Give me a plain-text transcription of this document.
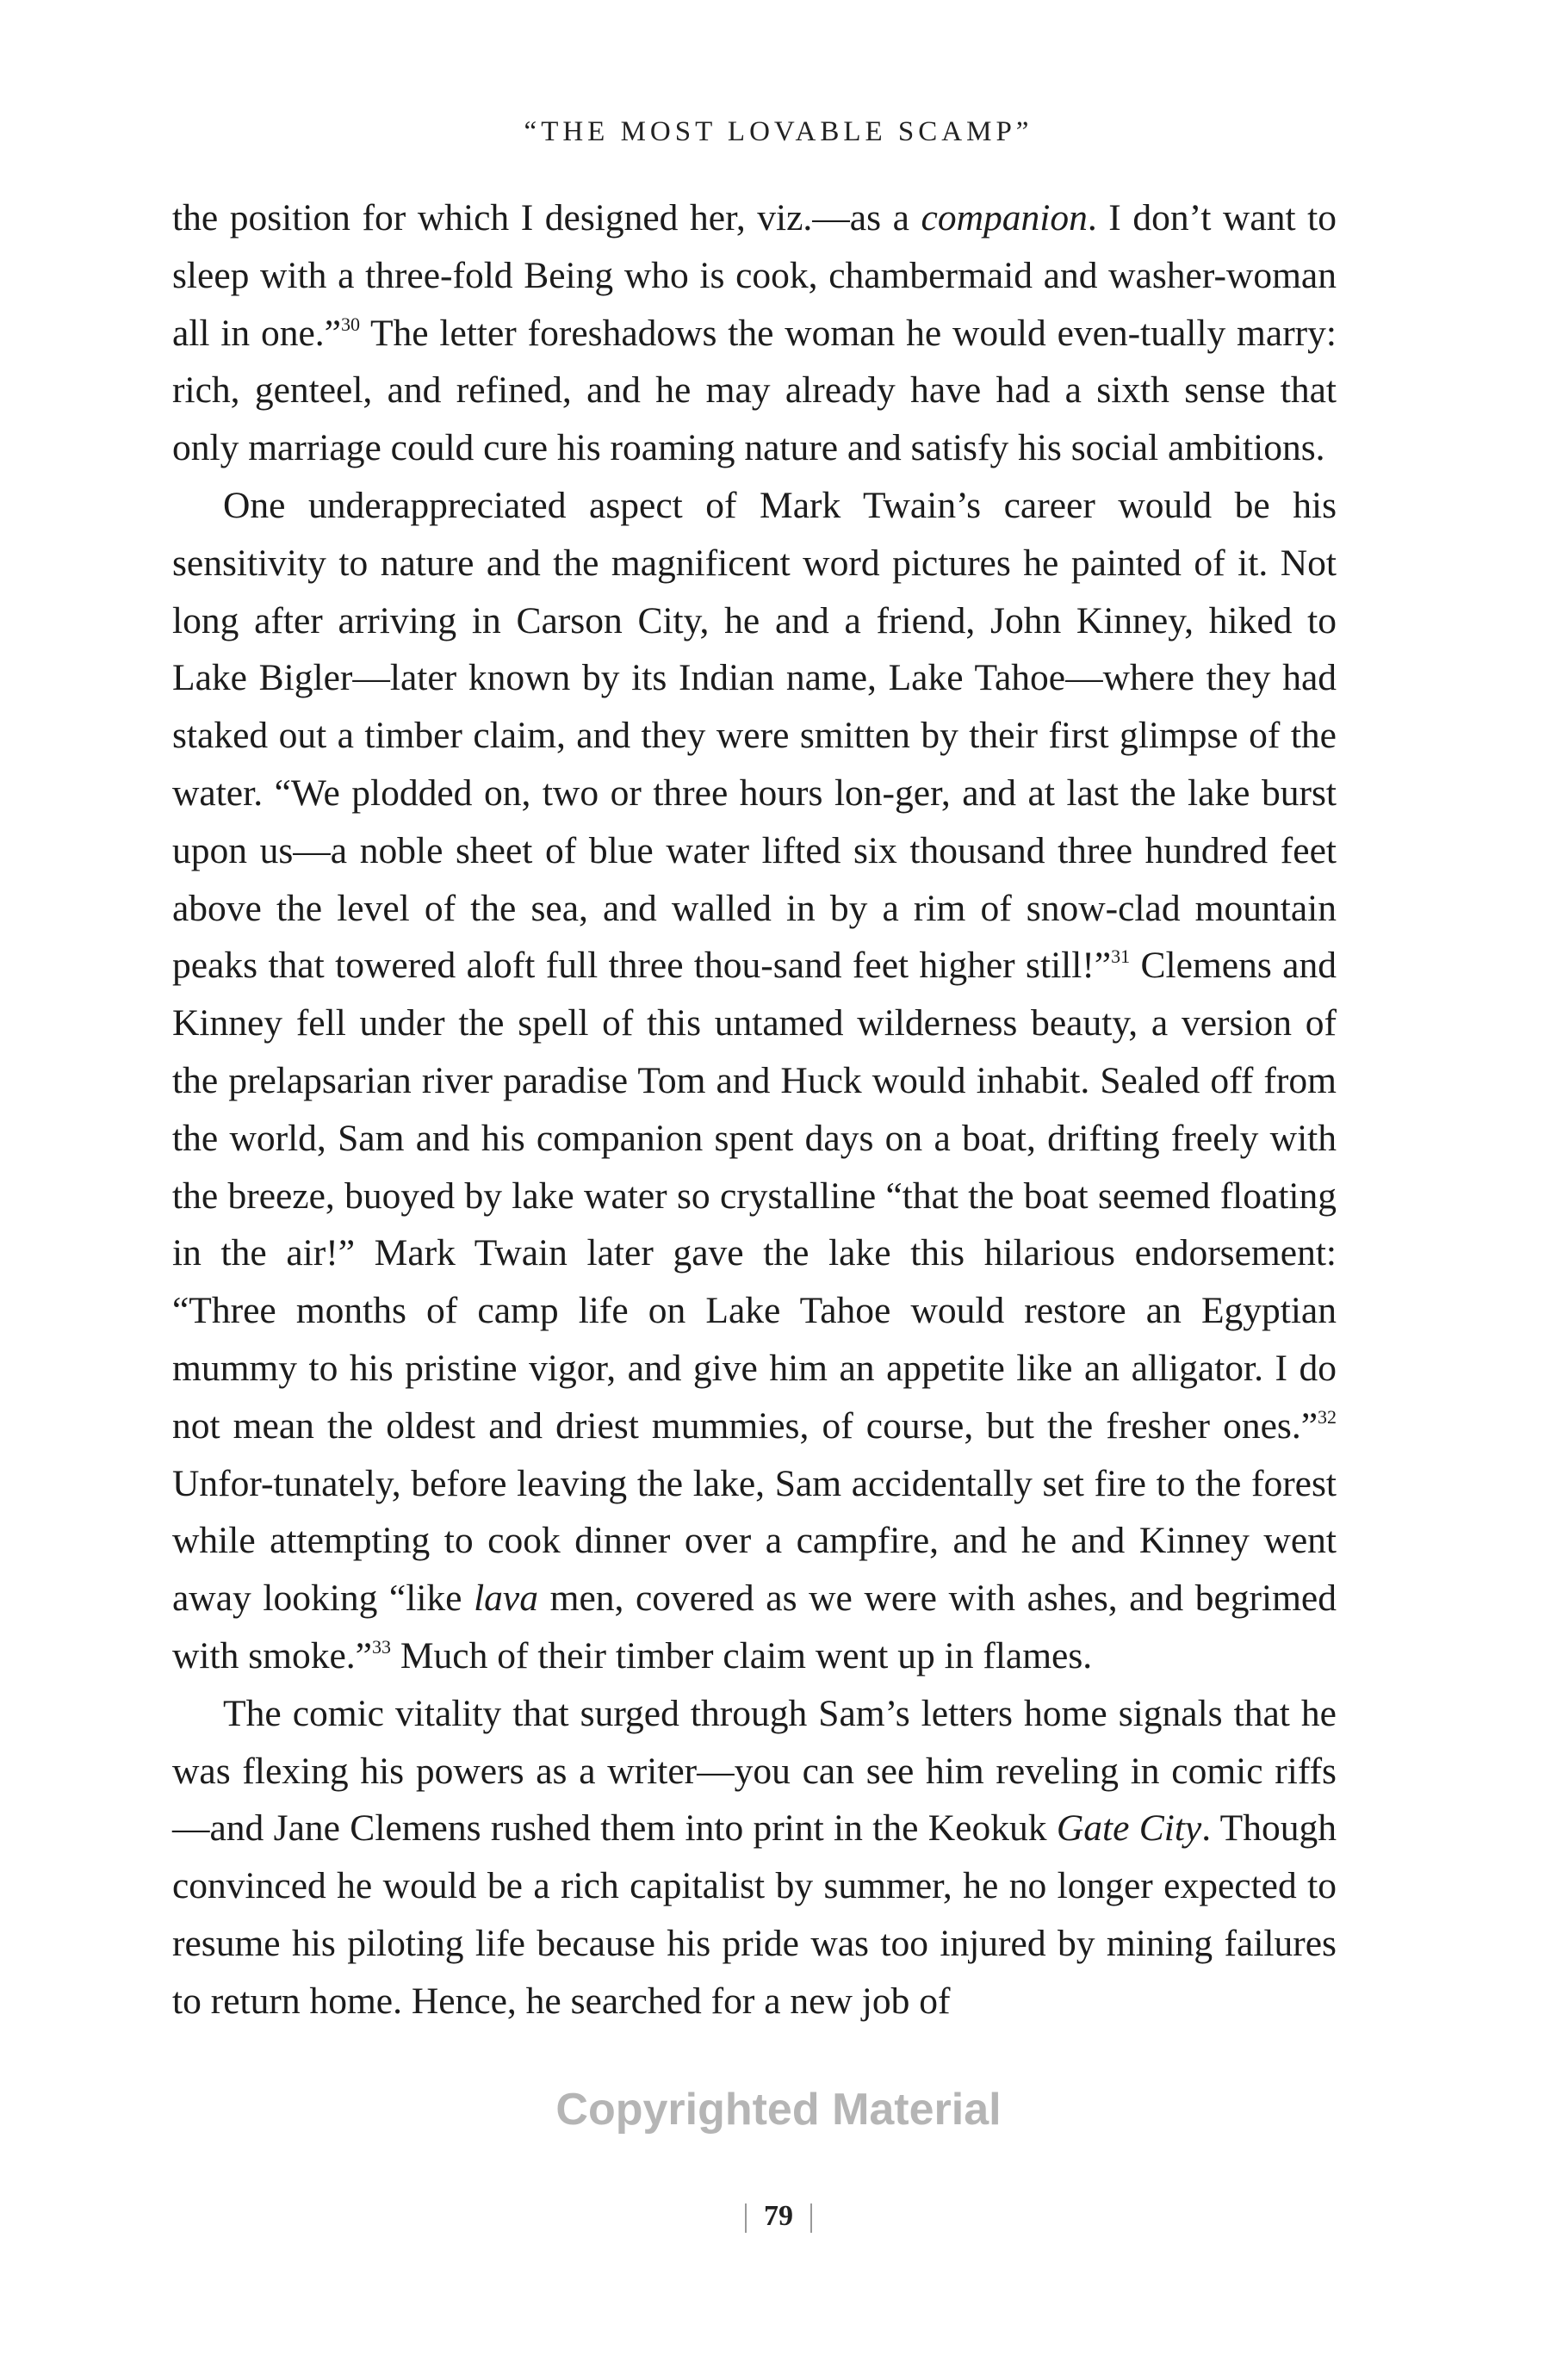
“THE MOST LOVABLE SCAMP”

the position for which I designed her, viz.—as a companion. I don’t want to sleep with a three-fold Being who is cook, chambermaid and washer-woman all in one.”$^{30}$ The letter foreshadows the woman he would even-tually marry: rich, genteel, and refined, and he may already have had a sixth sense that only marriage could cure his roaming nature and satisfy his social ambitions.

One underappreciated aspect of Mark Twain’s career would be his sensitivity to nature and the magnificent word pictures he painted of it. Not long after arriving in Carson City, he and a friend, John Kinney, hiked to Lake Bigler—later known by its Indian name, Lake Tahoe—where they had staked out a timber claim, and they were smitten by their first glimpse of the water. “We plodded on, two or three hours lon-ger, and at last the lake burst upon us—a noble sheet of blue water lifted six thousand three hundred feet above the level of the sea, and walled in by a rim of snow-clad mountain peaks that towered aloft full three thou-sand feet higher still!”$^{31}$ Clemens and Kinney fell under the spell of this untamed wilderness beauty, a version of the prelapsarian river paradise Tom and Huck would inhabit. Sealed off from the world, Sam and his companion spent days on a boat, drifting freely with the breeze, buoyed by lake water so crystalline “that the boat seemed floating in the air!” Mark Twain later gave the lake this hilarious endorsement: “Three months of camp life on Lake Tahoe would restore an Egyptian mummy to his pristine vigor, and give him an appetite like an alligator. I do not mean the oldest and driest mummies, of course, but the fresher ones.”$^{32}$ Unfor-tunately, before leaving the lake, Sam accidentally set fire to the forest while attempting to cook dinner over a campfire, and he and Kinney went away looking “like lava men, covered as we were with ashes, and begrimed with smoke.”$^{33}$ Much of their timber claim went up in flames.

The comic vitality that surged through Sam’s letters home signals that he was flexing his powers as a writer—you can see him reveling in comic riffs—and Jane Clemens rushed them into print in the Keokuk Gate City. Though convinced he would be a rich capitalist by summer, he no longer expected to resume his piloting life because his pride was too injured by mining failures to return home. Hence, he searched for a new job of

Copyrighted Material
79
